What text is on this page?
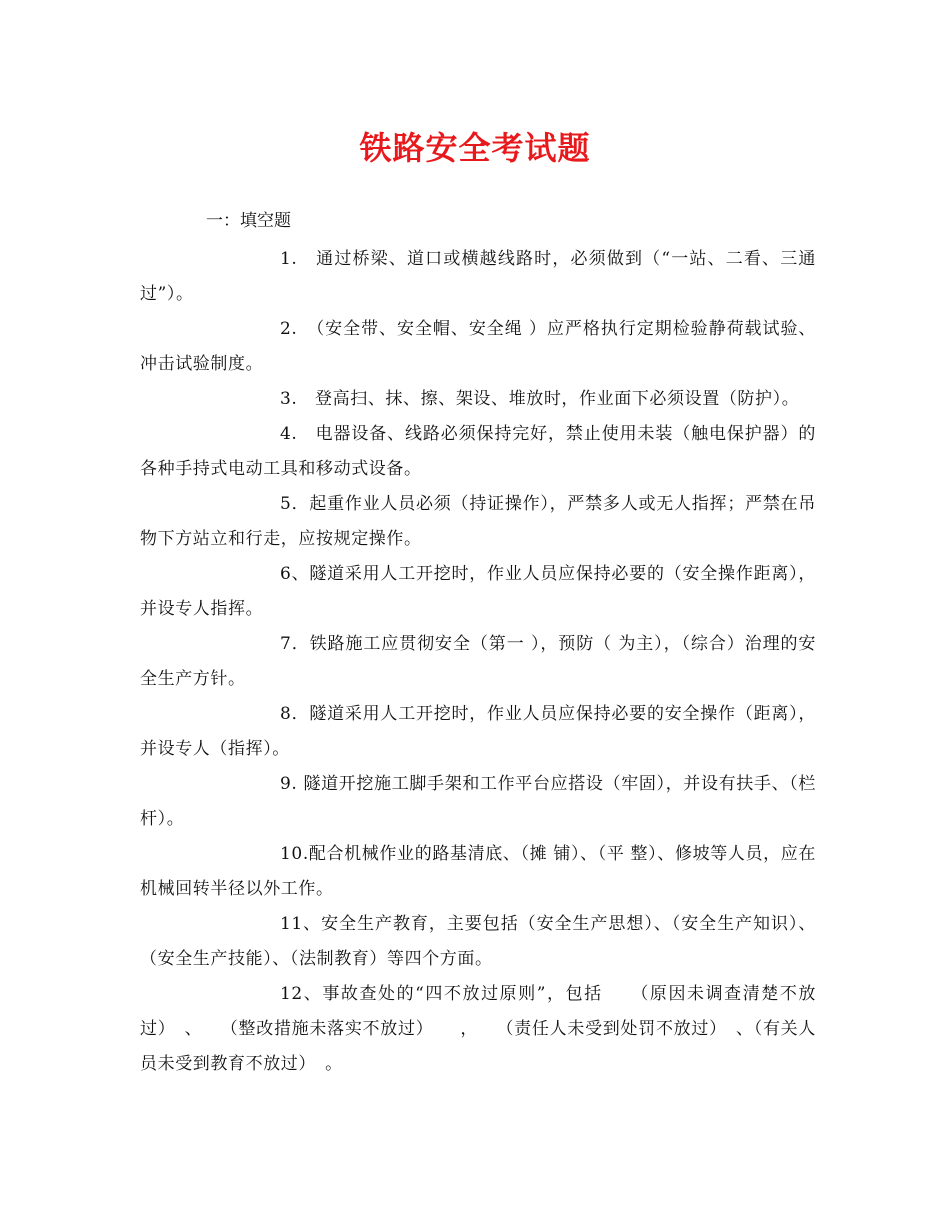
铁路安全考试题
一：填空题
1.　通过桥梁、道口或横越线路时，必须做到（“一站、二看、三通过”）。
2.　（安全带、安全帽、安全绳 ）应严格执行定期检验静荷载试验、冲击试验制度。
3.　登高扫、抹、擦、架设、堆放时，作业面下必须设置（防护）。
4.　电器设备、线路必须保持完好，禁止使用未装（触电保护器）的各种手持式电动工具和移动式设备。
5．起重作业人员必须（持证操作），严禁多人或无人指挥；严禁在吊物下方站立和行走，应按规定操作。
6、隧道采用人工开挖时，作业人员应保持必要的（安全操作距离），并设专人指挥。
7．铁路施工应贯彻安全（第一 ），预防（ 为主），（综合）治理的安全生产方针。
8．隧道采用人工开挖时，作业人员应保持必要的安全操作（距离），并设专人（指挥）。
9. 隧道开挖施工脚手架和工作平台应搭设（牢固），并设有扶手、（栏杆）。
10.配合机械作业的路基清底、（摊 铺）、（平 整）、修坡等人员，应在机械回转半径以外工作。
11、安全生产教育，主要包括（安全生产思想）、（安全生产知识）、（安全生产技能）、（法制教育）等四个方面。
12、事故查处的“四不放过原则”，包括　　（原因未调查清楚不放过）　、　　（整改措施未落实不放过）　　，　　（责任人未受到处罚不放过）　、（有关人员未受到教育不放过）　。
